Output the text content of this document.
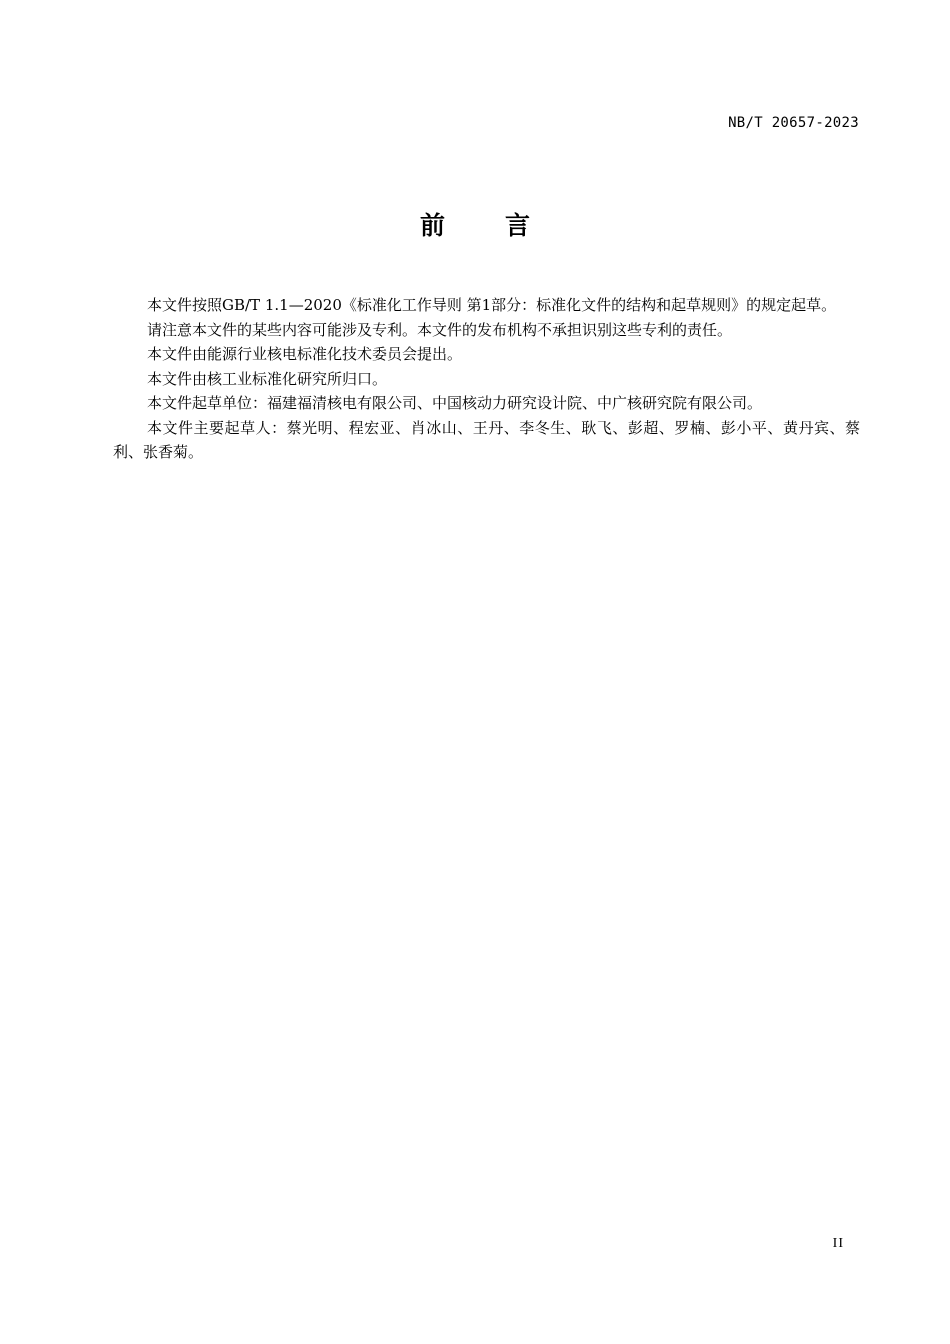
NB/T 20657-2023
前言

本文件按照GB/T 1.1—2020《标准化工作导则 第1部分：标准化文件的结构和起草规则》的规定起草。

请注意本文件的某些内容可能涉及专利。本文件的发布机构不承担识别这些专利的责任。

本文件由能源行业核电标准化技术委员会提出。

本文件由核工业标准化研究所归口。

本文件起草单位：福建福清核电有限公司、中国核动力研究设计院、中广核研究院有限公司。

本文件主要起草人：蔡光明、程宏亚、肖冰山、王丹、李冬生、耿飞、彭超、罗楠、彭小平、黄丹宾、蔡利、张香菊。

II
